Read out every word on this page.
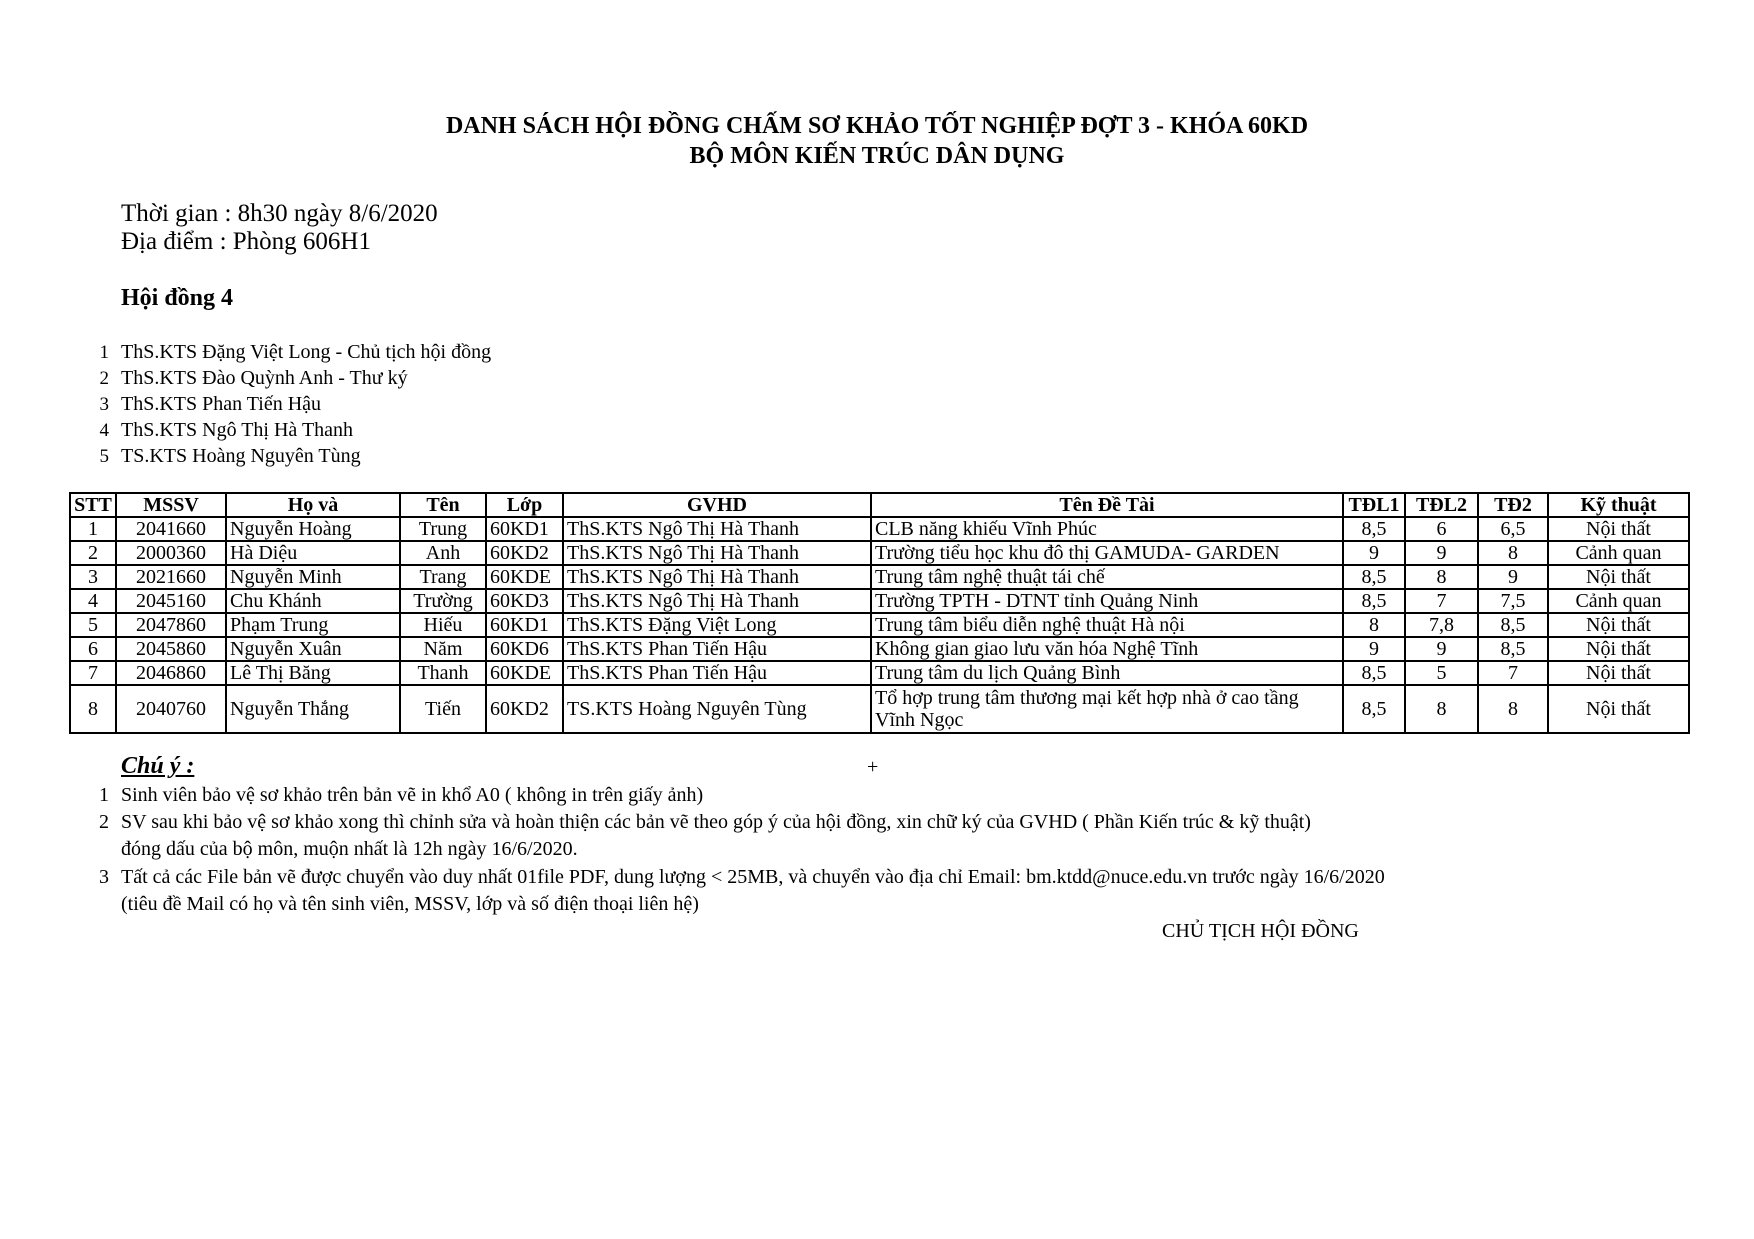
DANH SÁCH HỘI ĐỒNG CHẤM SƠ KHẢO TỐT NGHIỆP ĐỢT 3 - KHÓA 60KD
BỘ MÔN KIẾN TRÚC DÂN DỤNG
Thời gian : 8h30 ngày 8/6/2020
Địa điểm : Phòng 606H1
Hội đồng 4
1 ThS.KTS Đặng Việt Long - Chủ tịch hội đồng
2 ThS.KTS Đào Quỳnh Anh - Thư ký
3 ThS.KTS Phan Tiến Hậu
4 ThS.KTS Ngô Thị Hà Thanh
5 TS.KTS Hoàng Nguyên Tùng
STT	MSSV	Họ và	Tên	Lớp	GVHD	Tên Đề Tài	TĐL1	TĐL2	TĐ2	Kỹ thuật
1	2041660	Nguyễn Hoàng	Trung	60KD1	ThS.KTS Ngô Thị Hà Thanh	CLB năng khiếu Vĩnh Phúc	8,5	6	6,5	Nội thất
2	2000360	Hà Diệu	Anh	60KD2	ThS.KTS Ngô Thị Hà Thanh	Trường tiểu học khu đô thị GAMUDA- GARDEN	9	9	8	Cảnh quan
3	2021660	Nguyễn Minh	Trang	60KDE	ThS.KTS Ngô Thị Hà Thanh	Trung tâm nghệ thuật tái chế	8,5	8	9	Nội thất
4	2045160	Chu Khánh	Trường	60KD3	ThS.KTS Ngô Thị Hà Thanh	Trường TPTH - DTNT tỉnh Quảng Ninh	8,5	7	7,5	Cảnh quan
5	2047860	Phạm Trung	Hiếu	60KD1	ThS.KTS Đặng Việt Long	Trung tâm biểu diễn nghệ thuật Hà nội	8	7,8	8,5	Nội thất
6	2045860	Nguyễn Xuân	Năm	60KD6	ThS.KTS Phan Tiến Hậu	Không gian giao lưu văn hóa Nghệ Tĩnh	9	9	8,5	Nội thất
7	2046860	Lê Thị Băng	Thanh	60KDE	ThS.KTS Phan Tiến Hậu	Trung tâm du lịch Quảng Bình	8,5	5	7	Nội thất
8	2040760	Nguyễn Thắng	Tiến	60KD2	TS.KTS Hoàng Nguyên Tùng	Tổ hợp trung tâm thương mại kết hợp nhà ở cao tầng Vĩnh Ngọc	8,5	8	8	Nội thất
Chú ý :	+
1 Sinh viên bảo vệ sơ khảo trên bản vẽ in khổ A0 ( không in trên giấy ảnh)
2 SV sau khi bảo vệ sơ khảo xong thì chỉnh sửa và hoàn thiện các bản vẽ theo góp ý của hội đồng, xin chữ ký của GVHD ( Phần Kiến trúc & kỹ thuật)
đóng dấu của bộ môn, muộn nhất là 12h ngày 16/6/2020.
3 Tất cả các File bản vẽ được chuyển vào duy nhất 01file PDF, dung lượng < 25MB, và chuyển vào địa chỉ Email: bm.ktdd@nuce.edu.vn trước ngày 16/6/2020
(tiêu đề Mail có họ và tên sinh viên, MSSV, lớp và số điện thoại liên hệ)
CHỦ TỊCH HỘI ĐỒNG
